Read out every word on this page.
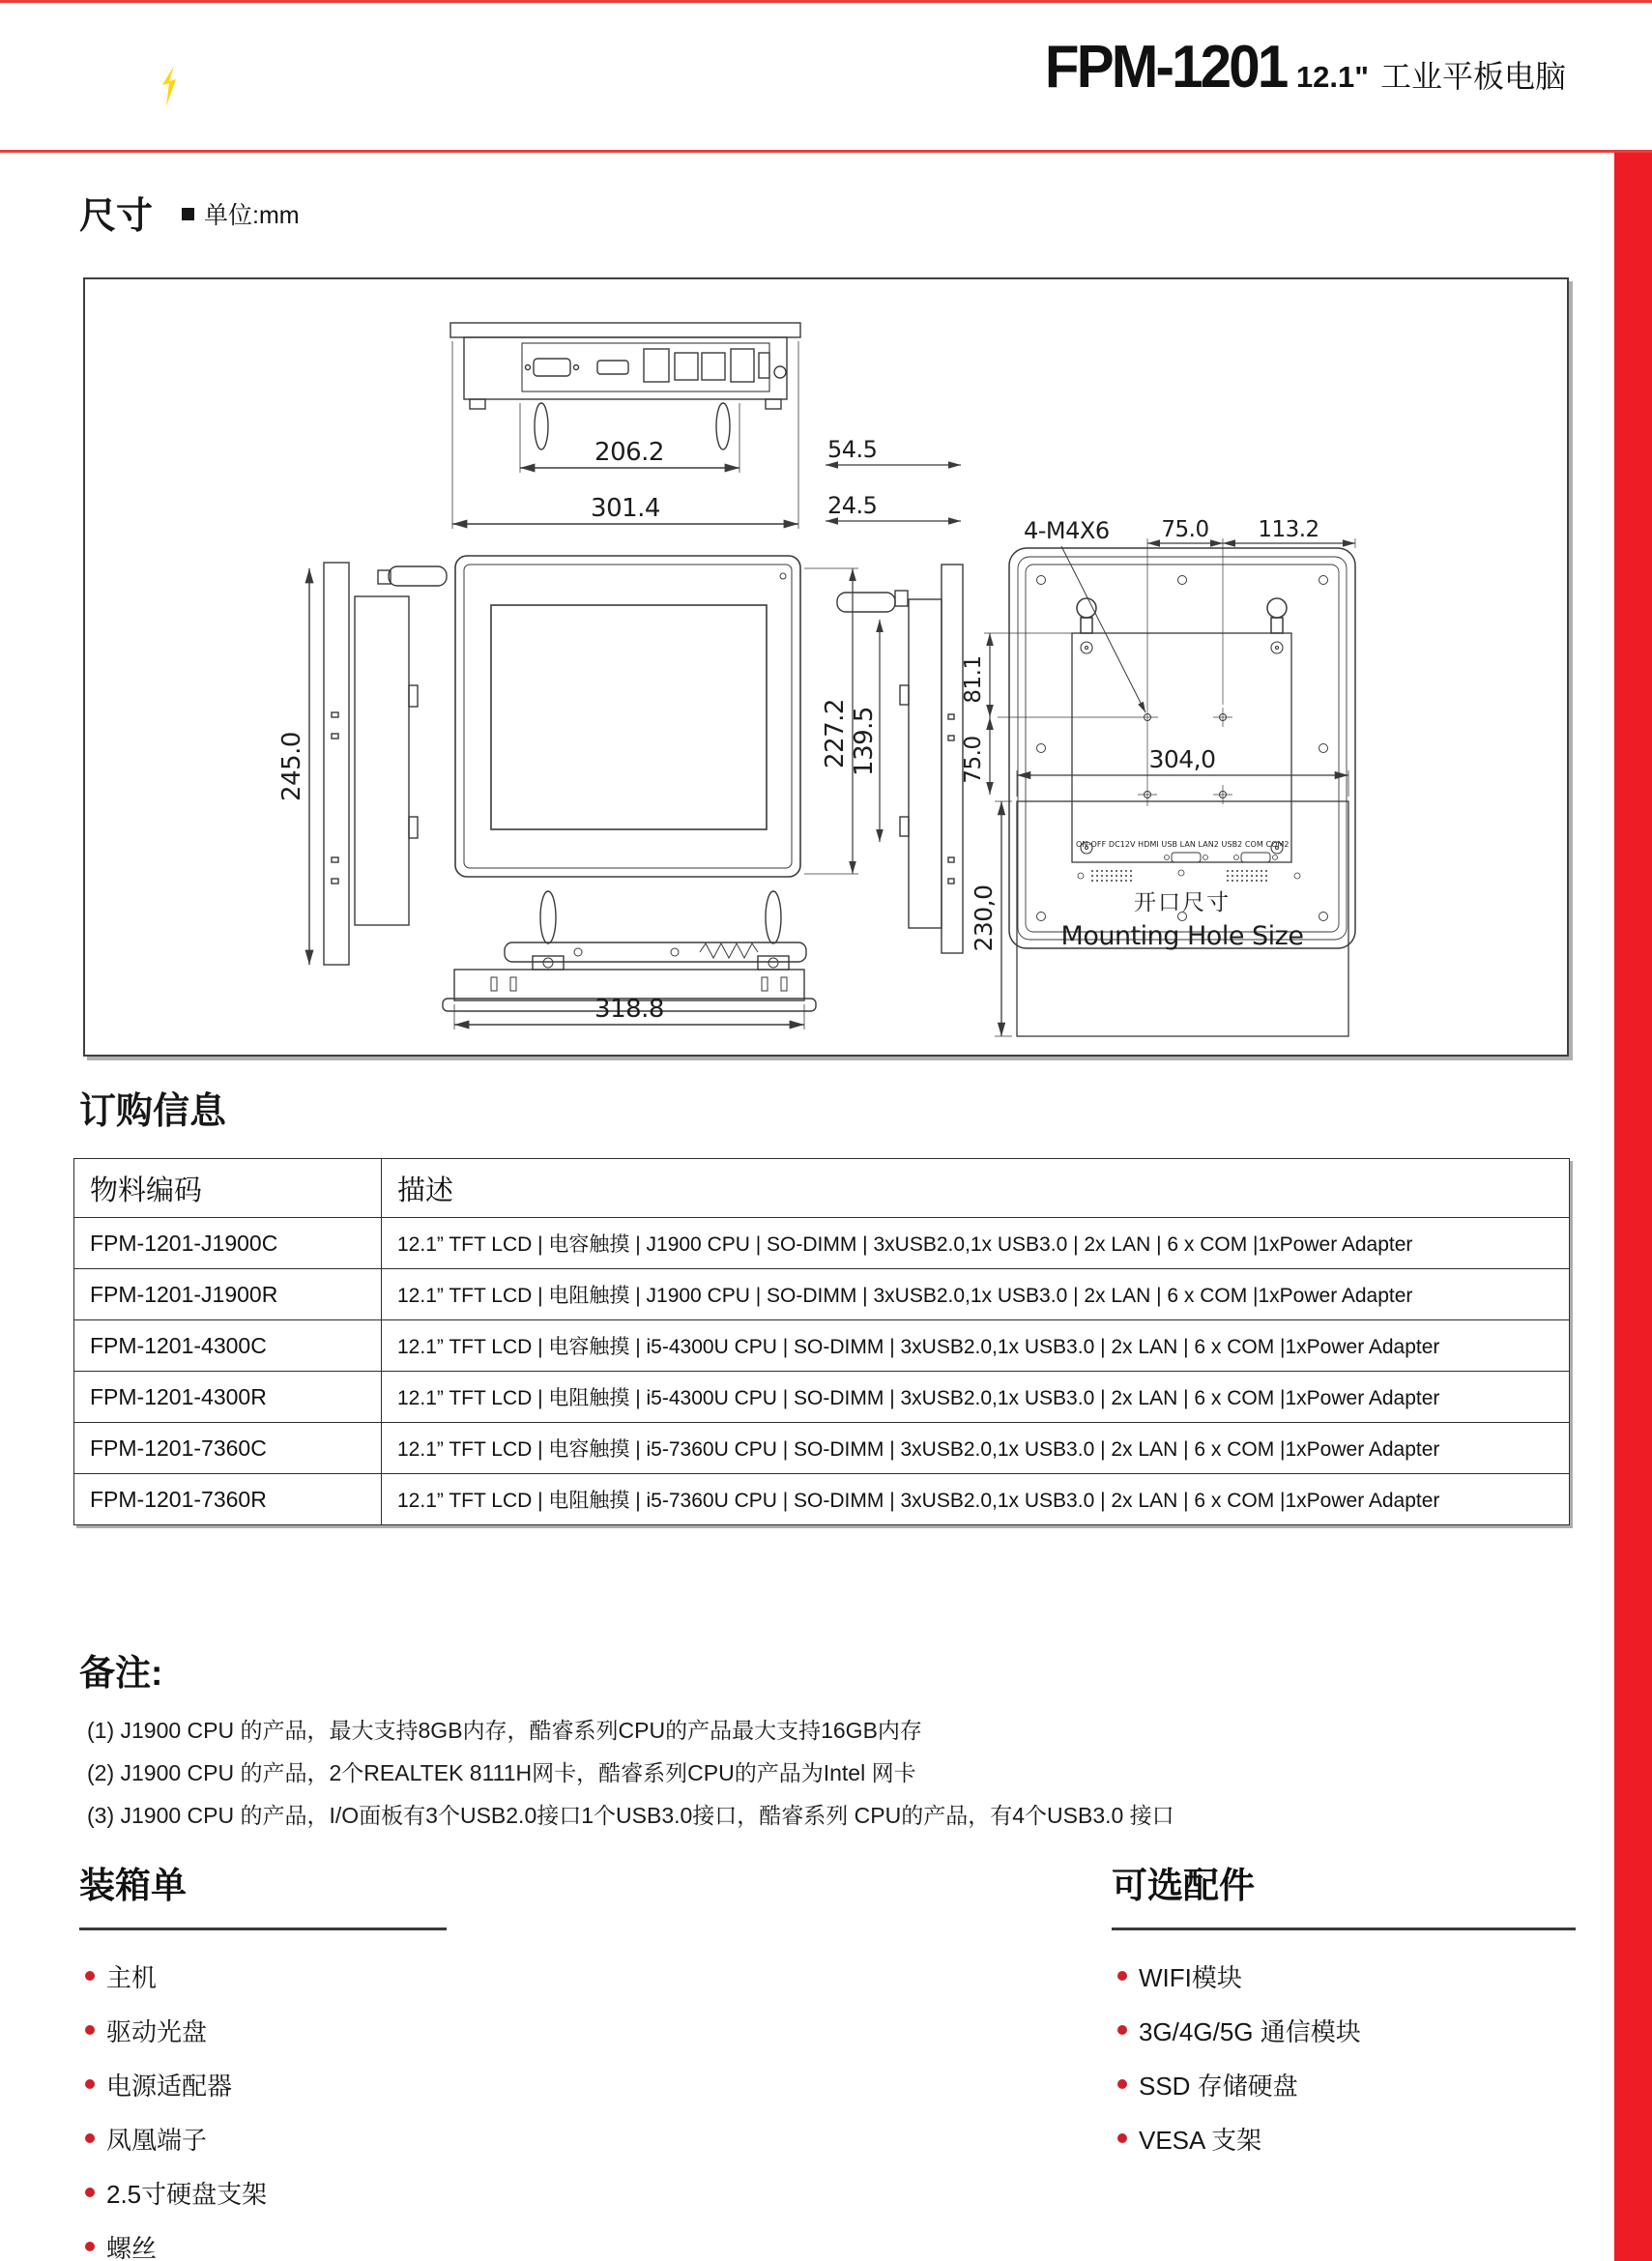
FPM-1201 12.1" 工业平板电脑
尺寸 单位:mm
206.2
301.4
54.5
24.5
245.0	227.2 139.5
4-M4X6 75.0 113.2
81.1
75.0
318.8
304,0
230,0	开口尺寸
Mounting Hole Size
ON-OFF DC12V HDMI USB LAN LAN2 USB2 COM COM2
订购信息
物料编码	描述
FPM-1201-J1900C	12.1” TFT LCD | 电容触摸 | J1900 CPU | SO-DIMM | 3xUSB2.0,1x USB3.0 | 2x LAN | 6 x COM |1xPower Adapter
FPM-1201-J1900R	12.1” TFT LCD | 电阻触摸 | J1900 CPU | SO-DIMM | 3xUSB2.0,1x USB3.0 | 2x LAN | 6 x COM |1xPower Adapter
FPM-1201-4300C	12.1” TFT LCD | 电容触摸 | i5-4300U CPU | SO-DIMM | 3xUSB2.0,1x USB3.0 | 2x LAN | 6 x COM |1xPower Adapter
FPM-1201-4300R	12.1” TFT LCD | 电阻触摸 | i5-4300U CPU | SO-DIMM | 3xUSB2.0,1x USB3.0 | 2x LAN | 6 x COM |1xPower Adapter
FPM-1201-7360C	12.1” TFT LCD | 电容触摸 | i5-7360U CPU | SO-DIMM | 3xUSB2.0,1x USB3.0 | 2x LAN | 6 x COM |1xPower Adapter
FPM-1201-7360R	12.1” TFT LCD | 电阻触摸 | i5-7360U CPU | SO-DIMM | 3xUSB2.0,1x USB3.0 | 2x LAN | 6 x COM |1xPower Adapter
备注:
(1) J1900 CPU 的产品，最大支持8GB内存，酷睿系列CPU的产品最大支持16GB内存
(2) J1900 CPU 的产品，2个REALTEK 8111H网卡，酷睿系列CPU的产品为Intel 网卡
(3) J1900 CPU 的产品，I/O面板有3个USB2.0接口1个USB3.0接口，酷睿系列 CPU的产品，有4个USB3.0 接口
装箱单
主机
驱动光盘
电源适配器
凤凰端子
2.5寸硬盘支架
螺丝
可选配件
WIFI模块
3G/4G/5G 通信模块
SSD 存储硬盘
VESA 支架
